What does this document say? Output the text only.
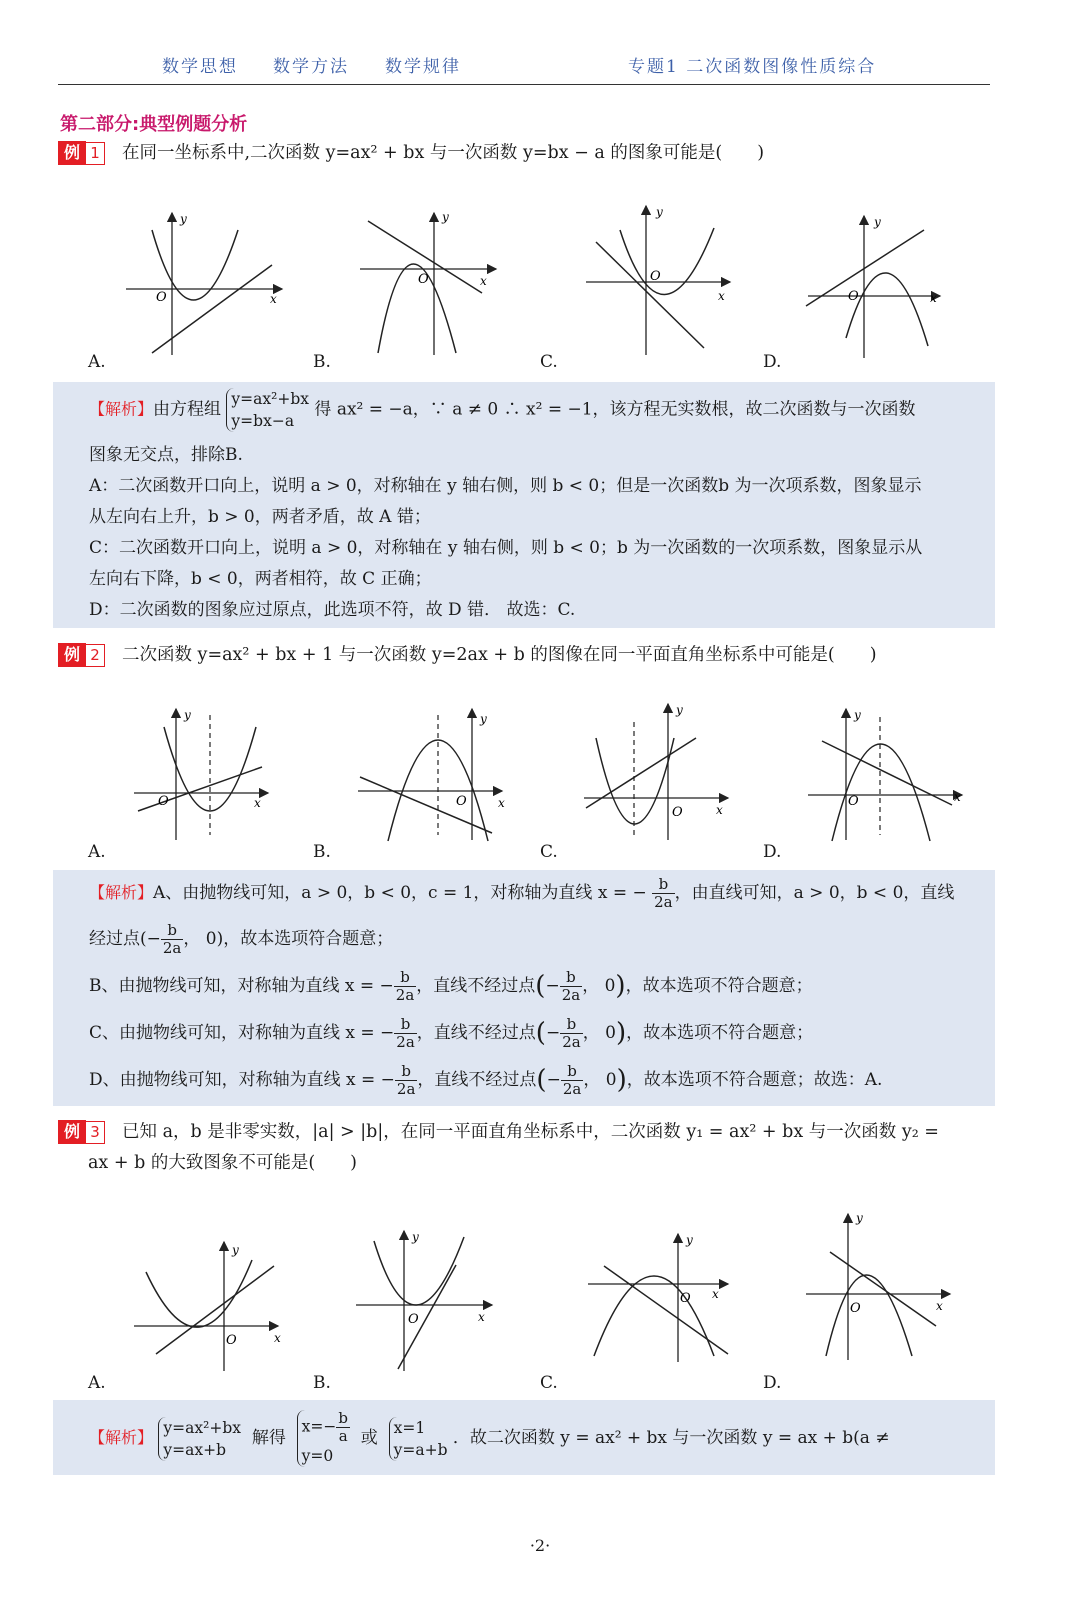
数学思想 数学方法 数学规律	专题1 二次函数图像性质综合
第二部分:典型例题分析
例 1 在同一坐标系中,二次函数 y=ax² + bx 与一次函数 y=bx − a 的图象可能是(　　)
y
x
O
y
x
O
y
x
O
y
x
O
A.	B.	C.	D.
【解析】由方程组 y=ax²+bx
y=bx−a 得 ax² = −a，∵ a ≠ 0 ∴ x² = −1，该方程无实数根，故二次函数与一次函数
图象无交点，排除B.
A：二次函数开口向上，说明 a > 0，对称轴在 y 轴右侧，则 b < 0；但是一次函数b 为一次项系数，图象显示
从左向右上升，b > 0，两者矛盾，故 A 错；
C：二次函数开口向上，说明 a > 0，对称轴在 y 轴右侧，则 b < 0；b 为一次函数的一次项系数，图象显示从
左向右下降，b < 0，两者相符，故 C 正确；
D：二次函数的图象应过原点，此选项不符，故 D 错． 故选：C.
例 2 二次函数 y=ax² + bx + 1 与一次函数 y=2ax + b 的图像在同一平面直角坐标系中可能是(　　)
y
x
O
y
x
O
y
x
O
y
x
O
A.	B.	C.	D.
【解析】A、由抛物线可知，a > 0，b < 0，c = 1，对称轴为直线 x = − $\frac{b}{2a}$ ，由直线可知，a > 0，b < 0，直线
经过点(− $\frac{b}{2a}$ ， 0)，故本选项符合题意；
B、由抛物线可知，对称轴为直线 x = − $\frac{b}{2a}$ ，直线不经过点(− $\frac{b}{2a}$ ， 0)，故本选项不符合题意；
C、由抛物线可知，对称轴为直线 x = − $\frac{b}{2a}$ ，直线不经过点(− $\frac{b}{2a}$ ， 0)，故本选项不符合题意；
D、由抛物线可知，对称轴为直线 x = − $\frac{b}{2a}$ ，直线不经过点(− $\frac{b}{2a}$ ， 0)，故本选项不符合题意；故选：A.
例 3 已知 a，b 是非零实数，|a| > |b|，在同一平面直角坐标系中，二次函数 y₁ = ax² + bx 与一次函数 y₂ =
ax + b 的大致图象不可能是(　　)
y
x
O
y
x
O
y
x
O
y
x
O
A.	B.	C.	D.
【解析】 y=ax²+bx
y=ax+b  解得  $x=- \frac{b}{a}$

y=0  或  x=1
y=a+b ．故二次函数 y = ax² + bx 与一次函数 y = ax + b(a ≠
·2·
